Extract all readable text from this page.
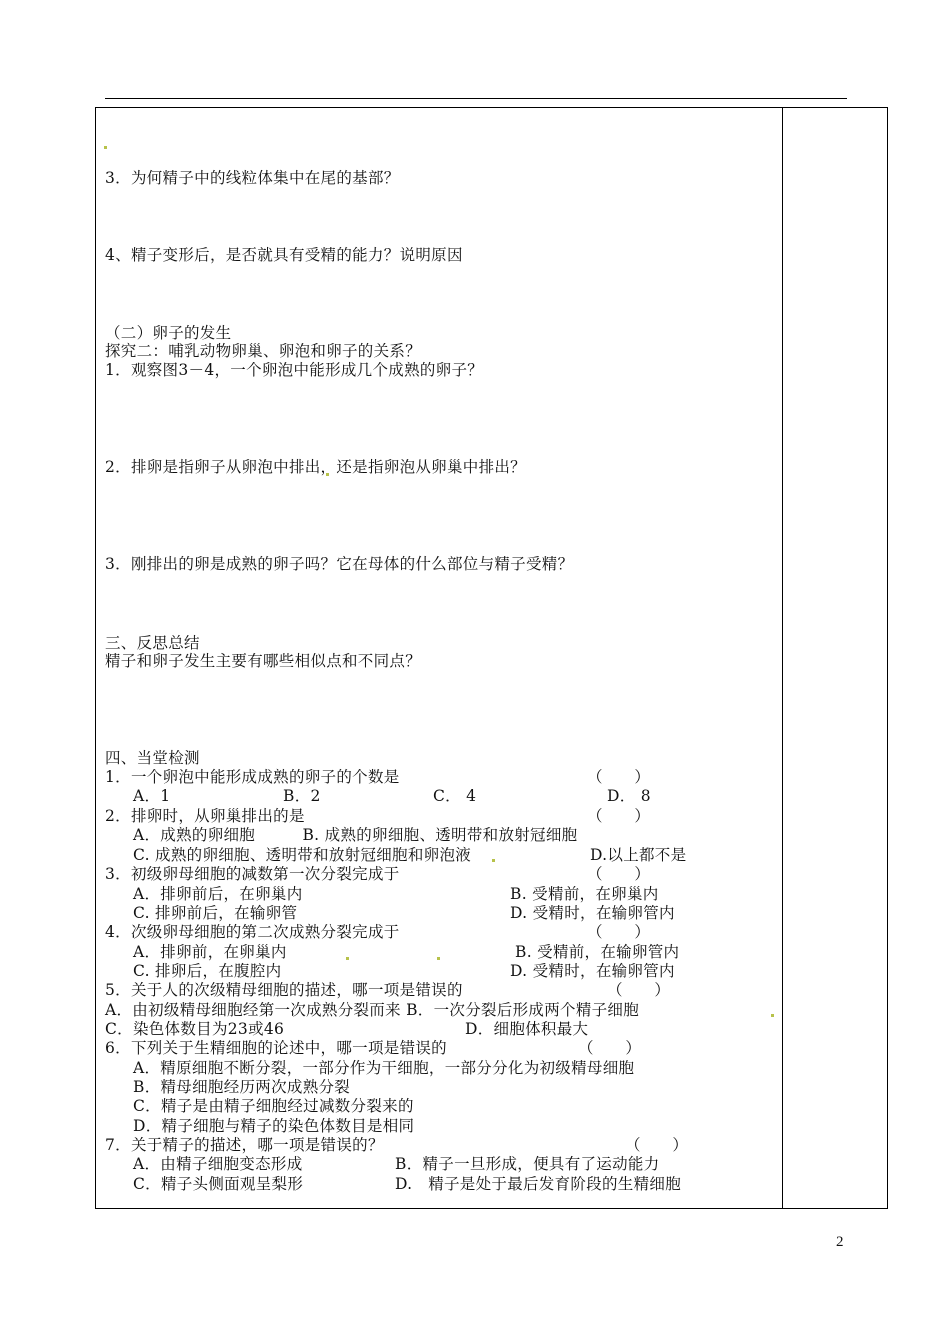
3．为何精子中的线粒体集中在尾的基部？
4、精子变形后，是否就具有受精的能力？说明原因
（二）卵子的发生
探究二：哺乳动物卵巢、卵泡和卵子的关系？
1．观察图3－4，一个卵泡中能形成几个成熟的卵子？
2．排卵是指卵子从卵泡中排出，还是指卵泡从卵巢中排出？
3．刚排出的卵是成熟的卵子吗？它在母体的什么部位与精子受精？
三、反思总结
精子和卵子发生主要有哪些相似点和不同点？
四、当堂检测
1．一个卵泡中能形成成熟的卵子的个数是	（　　）
A．1	B．2	C． 4	D． 8
2．排卵时，从卵巢排出的是	（　　）
A．成熟的卵细胞　　　B. 成熟的卵细胞、透明带和放射冠细胞
C. 成熟的卵细胞、透明带和放射冠细胞和卵泡液	D.以上都不是
3．初级卵母细胞的减数第一次分裂完成于	（　　）
A．排卵前后，在卵巢内	B. 受精前，在卵巢内
C. 排卵前后，在输卵管	D. 受精时，在输卵管内
4．次级卵母细胞的第二次成熟分裂完成于	（　　）
A．排卵前，在卵巢内	B. 受精前，在输卵管内
C. 排卵后，在腹腔内	D. 受精时，在输卵管内
5．关于人的次级精母细胞的描述，哪一项是错误的	（　　）
A．由初级精母细胞经第一次成熟分裂而来 B．一次分裂后形成两个精子细胞
C．染色体数目为23或46	D．细胞体积最大
6．下列关于生精细胞的论述中，哪一项是错误的	（　　）
A．精原细胞不断分裂，一部分作为干细胞，一部分分化为初级精母细胞
B．精母细胞经历两次成熟分裂
C．精子是由精子细胞经过减数分裂来的
D．精子细胞与精子的染色体数目是相同
7．关于精子的描述，哪一项是错误的？	（　　）
A．由精子细胞变态形成	B．精子一旦形成，便具有了运动能力
C．精子头侧面观呈梨形	D.　精子是处于最后发育阶段的生精细胞
2
